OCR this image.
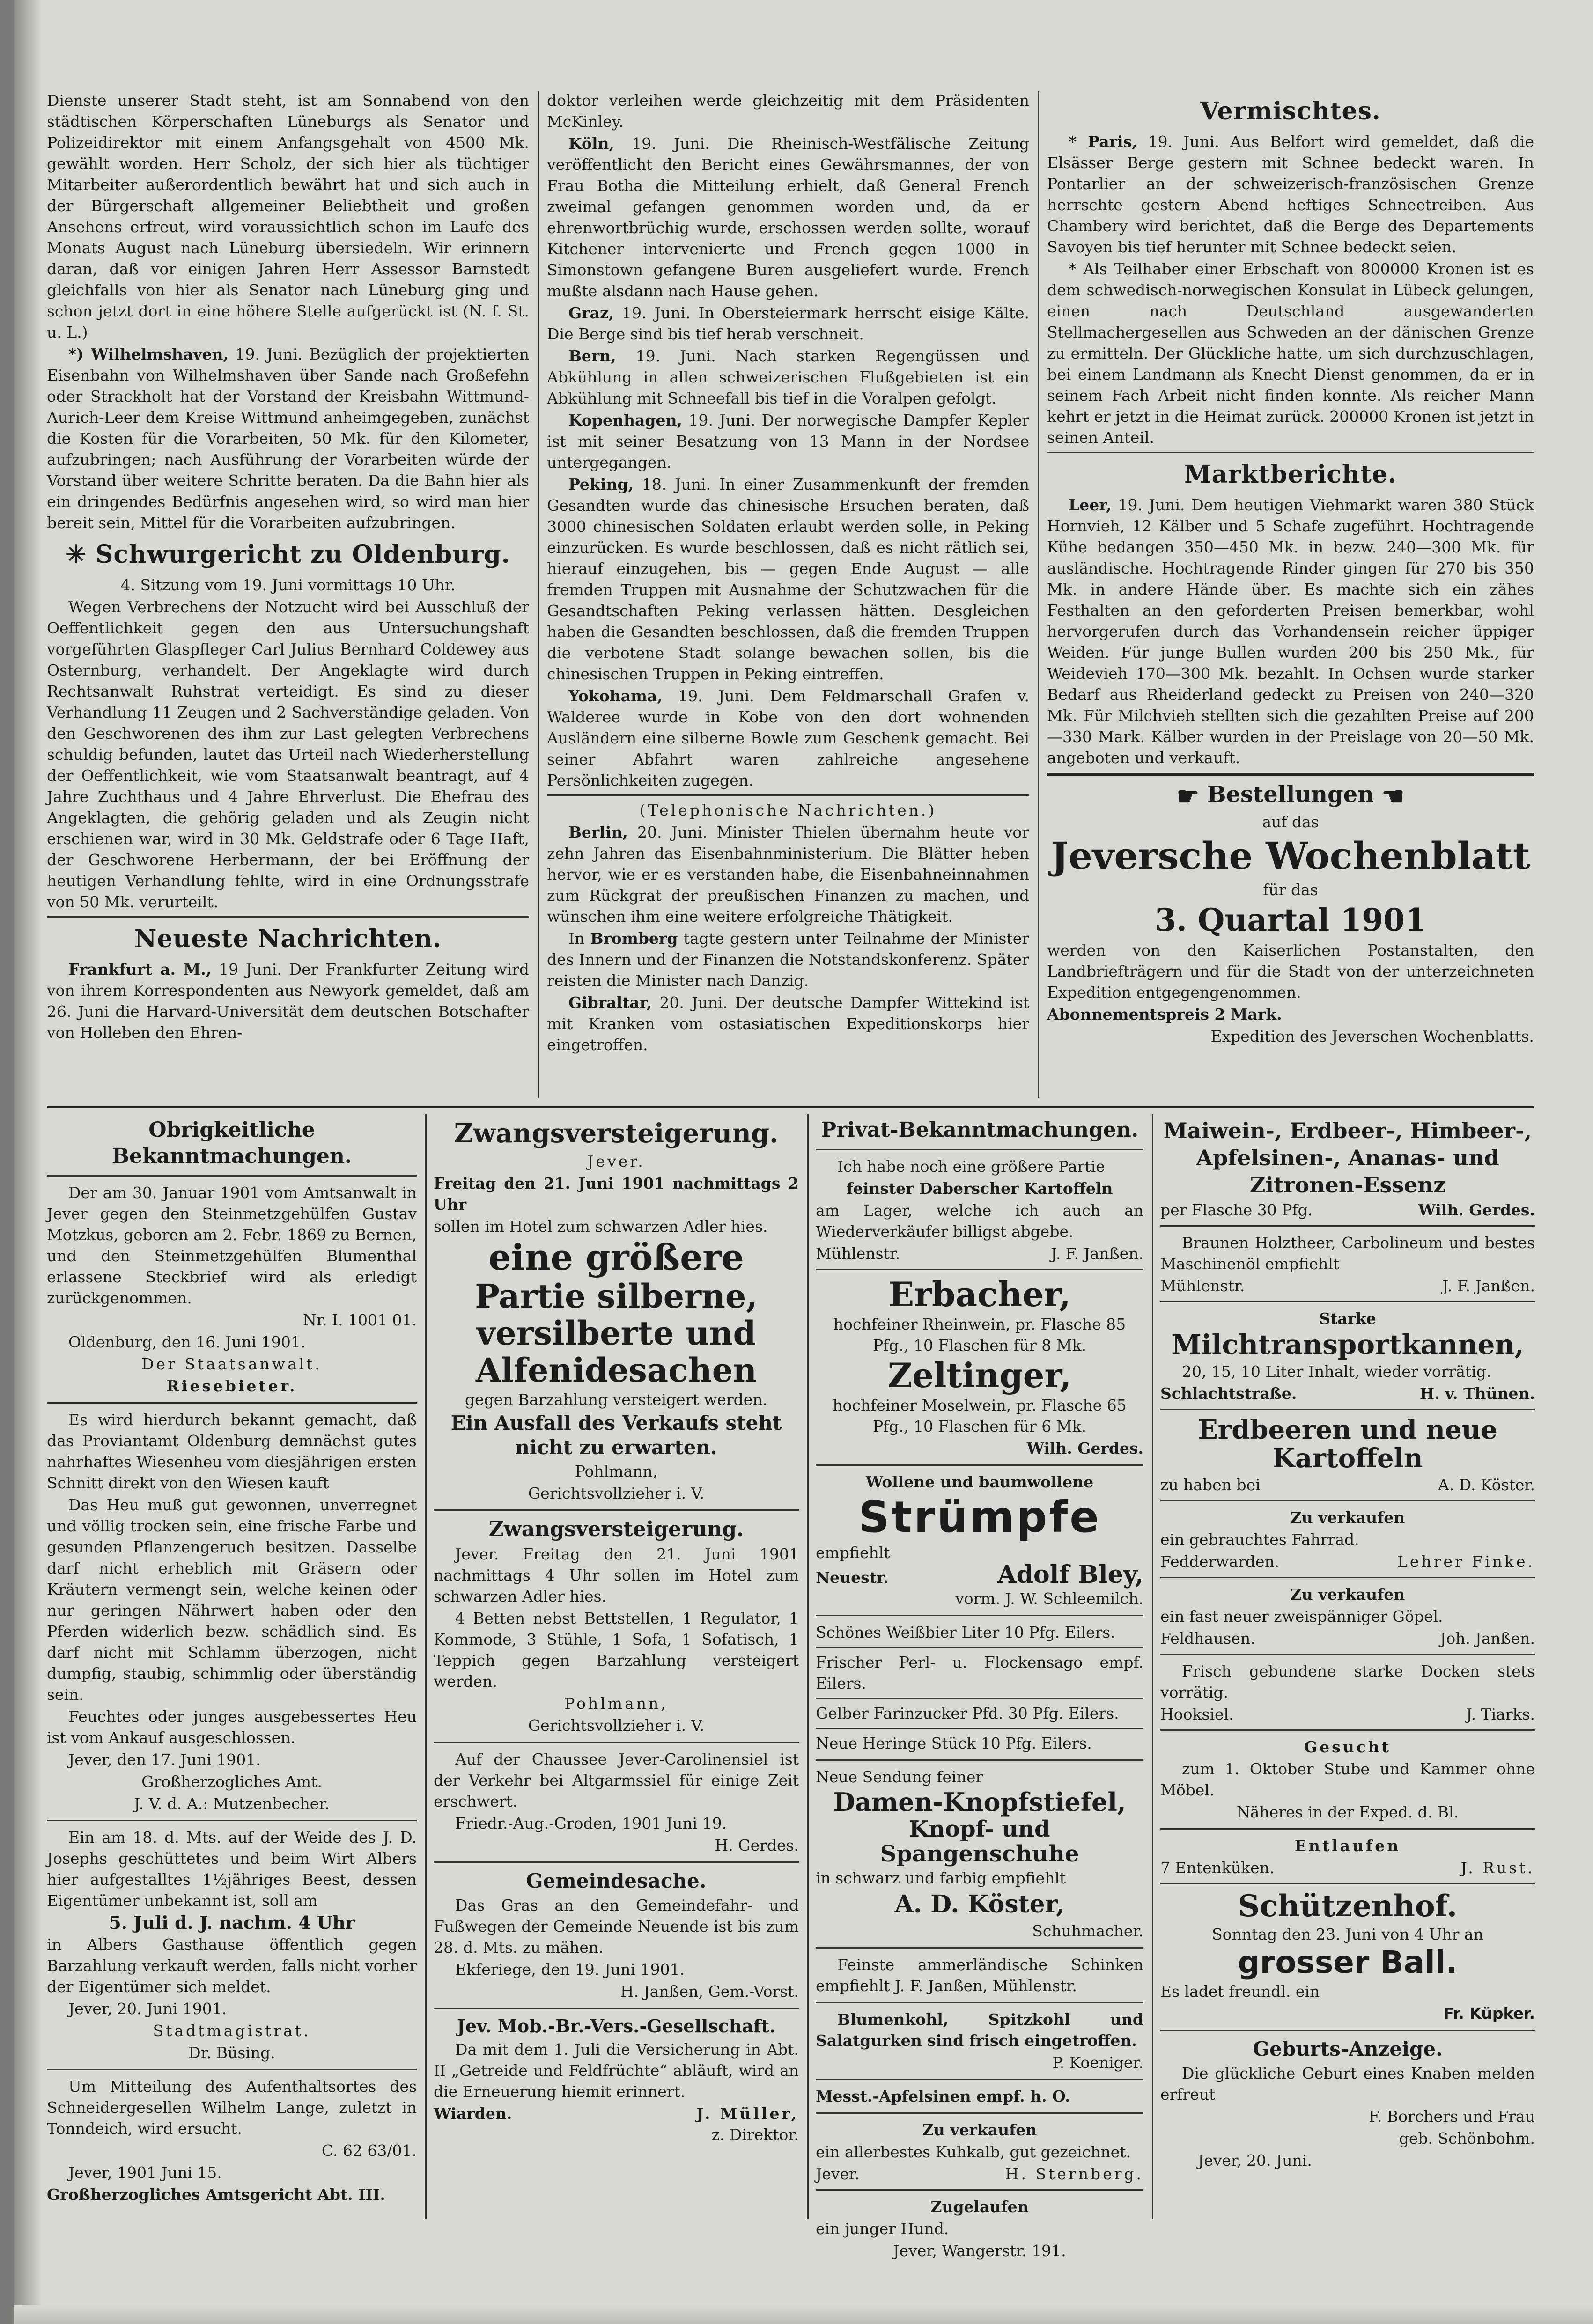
Dienste unserer Stadt steht, ist am Sonnabend von den städtischen Körperschaften Lüneburgs als Senator und Polizeidirektor mit einem Anfangsgehalt von 4500 Mk. gewählt worden. Herr Scholz, der sich hier als tüchtiger Mitarbeiter außerordentlich bewährt hat und sich auch in der Bürgerschaft allgemeiner Beliebtheit und großen Ansehens erfreut, wird voraussichtlich schon im Laufe des Monats August nach Lüneburg übersiedeln. Wir erinnern daran, daß vor einigen Jahren Herr Assessor Barnstedt gleichfalls von hier als Senator nach Lüneburg ging und schon jetzt dort in eine höhere Stelle aufgerückt ist (N. f. St. u. L.)

*) Wilhelmshaven, 19. Juni. Bezüglich der projektierten Eisenbahn von Wilhelmshaven über Sande nach Großefehn oder Strackholt hat der Vorstand der Kreisbahn Wittmund-Aurich-Leer dem Kreise Wittmund anheimgegeben, zunächst die Kosten für die Vorarbeiten, 50 Mk. für den Kilometer, aufzubringen; nach Ausführung der Vorarbeiten würde der Vorstand über weitere Schritte beraten. Da die Bahn hier als ein dringendes Bedürfnis angesehen wird, so wird man hier bereit sein, Mittel für die Vorarbeiten aufzubringen.

✳ Schwurgericht zu Oldenburg.

4. Sitzung vom 19. Juni vormittags 10 Uhr.

Wegen Verbrechens der Notzucht wird bei Ausschluß der Oeffentlichkeit gegen den aus Untersuchungshaft vorgeführten Glaspfleger Carl Julius Bernhard Coldewey aus Osternburg, verhandelt. Der Angeklagte wird durch Rechtsanwalt Ruhstrat verteidigt. Es sind zu dieser Verhandlung 11 Zeugen und 2 Sachverständige geladen. Von den Geschworenen des ihm zur Last gelegten Verbrechens schuldig befunden, lautet das Urteil nach Wiederherstellung der Oeffentlichkeit, wie vom Staatsanwalt beantragt, auf 4 Jahre Zuchthaus und 4 Jahre Ehrverlust. Die Ehefrau des Angeklagten, die gehörig geladen und als Zeugin nicht erschienen war, wird in 30 Mk. Geldstrafe oder 6 Tage Haft, der Geschworene Herbermann, der bei Eröffnung der heutigen Verhandlung fehlte, wird in eine Ordnungsstrafe von 50 Mk. verurteilt.

Neueste Nachrichten.

Frankfurt a. M., 19 Juni. Der Frankfurter Zeitung wird von ihrem Korrespondenten aus Newyork gemeldet, daß am 26. Juni die Harvard-Universität dem deutschen Botschafter von Holleben den Ehren-

doktor verleihen werde gleichzeitig mit dem Präsidenten McKinley.

Köln, 19. Juni. Die Rheinisch-Westfälische Zeitung veröffentlicht den Bericht eines Gewährsmannes, der von Frau Botha die Mitteilung erhielt, daß General French zweimal gefangen genommen worden und, da er ehrenwortbrüchig wurde, erschossen werden sollte, worauf Kitchener intervenierte und French gegen 1000 in Simonstown gefangene Buren ausgeliefert wurde. French mußte alsdann nach Hause gehen.

Graz, 19. Juni. In Obersteiermark herrscht eisige Kälte. Die Berge sind bis tief herab verschneit.

Bern, 19. Juni. Nach starken Regengüssen und Abkühlung in allen schweizerischen Flußgebieten ist ein Abkühlung mit Schneefall bis tief in die Voralpen gefolgt.

Kopenhagen, 19. Juni. Der norwegische Dampfer Kepler ist mit seiner Besatzung von 13 Mann in der Nordsee untergegangen.

Peking, 18. Juni. In einer Zusammenkunft der fremden Gesandten wurde das chinesische Ersuchen beraten, daß 3000 chinesischen Soldaten erlaubt werden solle, in Peking einzurücken. Es wurde beschlossen, daß es nicht rätlich sei, hierauf einzugehen, bis — gegen Ende August — alle fremden Truppen mit Ausnahme der Schutzwachen für die Gesandtschaften Peking verlassen hätten. Desgleichen haben die Gesandten beschlossen, daß die fremden Truppen die verbotene Stadt solange bewachen sollen, bis die chinesischen Truppen in Peking eintreffen.

Yokohama, 19. Juni. Dem Feldmarschall Grafen v. Walderee wurde in Kobe von den dort wohnenden Ausländern eine silberne Bowle zum Geschenk gemacht. Bei seiner Abfahrt waren zahlreiche angesehene Persönlichkeiten zugegen.

(Telephonische Nachrichten.)

Berlin, 20. Juni. Minister Thielen übernahm heute vor zehn Jahren das Eisenbahnministerium. Die Blätter heben hervor, wie er es verstanden habe, die Eisenbahneinnahmen zum Rückgrat der preußischen Finanzen zu machen, und wünschen ihm eine weitere erfolgreiche Thätigkeit.

In Bromberg tagte gestern unter Teilnahme der Minister des Innern und der Finanzen die Notstandskonferenz. Später reisten die Minister nach Danzig.

Gibraltar, 20. Juni. Der deutsche Dampfer Wittekind ist mit Kranken vom ostasiatischen Expeditionskorps hier eingetroffen.

Vermischtes.

* Paris, 19. Juni. Aus Belfort wird gemeldet, daß die Elsässer Berge gestern mit Schnee bedeckt waren. In Pontarlier an der schweizerisch-französischen Grenze herrschte gestern Abend heftiges Schneetreiben. Aus Chambery wird berichtet, daß die Berge des Departements Savoyen bis tief herunter mit Schnee bedeckt seien.

* Als Teilhaber einer Erbschaft von 800000 Kronen ist es dem schwedisch-norwegischen Konsulat in Lübeck gelungen, einen nach Deutschland ausgewanderten Stellmachergesellen aus Schweden an der dänischen Grenze zu ermitteln. Der Glückliche hatte, um sich durchzuschlagen, bei einem Landmann als Knecht Dienst genommen, da er in seinem Fach Arbeit nicht finden konnte. Als reicher Mann kehrt er jetzt in die Heimat zurück. 200000 Kronen ist jetzt in seinen Anteil.

Marktberichte.

Leer, 19. Juni. Dem heutigen Viehmarkt waren 380 Stück Hornvieh, 12 Kälber und 5 Schafe zugeführt. Hochtragende Kühe bedangen 350—450 Mk. in bezw. 240—300 Mk. für ausländische. Hochtragende Rinder gingen für 270 bis 350 Mk. in andere Hände über. Es machte sich ein zähes Festhalten an den geforderten Preisen bemerkbar, wohl hervorgerufen durch das Vorhandensein reicher üppiger Weiden. Für junge Bullen wurden 200 bis 250 Mk., für Weidevieh 170—300 Mk. bezahlt. In Ochsen wurde starker Bedarf aus Rheiderland gedeckt zu Preisen von 240—320 Mk. Für Milchvieh stellten sich die gezahlten Preise auf 200—330 Mark. Kälber wurden in der Preislage von 20—50 Mk. angeboten und verkauft.

☛ Bestellungen ☚

auf das

Jeversche Wochenblatt

für das

3. Quartal 1901

werden von den Kaiserlichen Postanstalten, den Landbriefträgern und für die Stadt von der unterzeichneten Expedition entgegengenommen.

Abonnementspreis 2 Mark.

Expedition des Jeverschen Wochenblatts.

Obrigkeitliche Bekanntmachungen.

Der am 30. Januar 1901 vom Amtsanwalt in Jever gegen den Steinmetzgehülfen Gustav Motzkus, geboren am 2. Febr. 1869 zu Bernen, und den Steinmetzgehülfen Blumenthal erlassene Steckbrief wird als erledigt zurückgenommen.

Nr. I. 1001 01.

Oldenburg, den 16. Juni 1901.

Der Staatsanwalt.

Riesebieter.

Es wird hierdurch bekannt gemacht, daß das Proviantamt Oldenburg demnächst gutes nahrhaftes Wiesenheu vom diesjährigen ersten Schnitt direkt von den Wiesen kauft

Das Heu muß gut gewonnen, unverregnet und völlig trocken sein, eine frische Farbe und gesunden Pflanzengeruch besitzen. Dasselbe darf nicht erheblich mit Gräsern oder Kräutern vermengt sein, welche keinen oder nur geringen Nährwert haben oder den Pferden widerlich bezw. schädlich sind. Es darf nicht mit Schlamm überzogen, nicht dumpfig, staubig, schimmlig oder überständig sein.

Feuchtes oder junges ausgebessertes Heu ist vom Ankauf ausgeschlossen.

Jever, den 17. Juni 1901.

Großherzogliches Amt.

J. V. d. A.: Mutzenbecher.

Ein am 18. d. Mts. auf der Weide des J. D. Josephs geschüttetes und beim Wirt Albers hier aufgestalltes 1½jähriges Beest, dessen Eigentümer unbekannt ist, soll am

5. Juli d. J. nachm. 4 Uhr

in Albers Gasthause öffentlich gegen Barzahlung verkauft werden, falls nicht vorher der Eigentümer sich meldet.

Jever, 20. Juni 1901.

Stadtmagistrat.

Dr. Büsing.

Um Mitteilung des Aufenthaltsortes des Schneidergesellen Wilhelm Lange, zuletzt in Tonndeich, wird ersucht.

C. 62 63/01.

Jever, 1901 Juni 15.

Großherzogliches Amtsgericht Abt. III.

Zwangsversteigerung.

Jever.

Freitag den 21. Juni 1901 nachmittags 2 Uhr

sollen im Hotel zum schwarzen Adler hies.

eine größere

Partie silberne,

versilberte und

Alfenidesachen

gegen Barzahlung versteigert werden.

Ein Ausfall des Verkaufs steht nicht zu erwarten.

Pohlmann,

Gerichtsvollzieher i. V.

Zwangsversteigerung.

Jever. Freitag den 21. Juni 1901 nachmittags 4 Uhr sollen im Hotel zum schwarzen Adler hies.

4 Betten nebst Bettstellen, 1 Regulator, 1 Kommode, 3 Stühle, 1 Sofa, 1 Sofatisch, 1 Teppich gegen Barzahlung versteigert werden.

Pohlmann,

Gerichtsvollzieher i. V.

Auf der Chaussee Jever-Carolinensiel ist der Verkehr bei Altgarmssiel für einige Zeit erschwert.

Friedr.-Aug.-Groden, 1901 Juni 19.

H. Gerdes.

Gemeindesache.

Das Gras an den Gemeindefahr- und Fußwegen der Gemeinde Neuende ist bis zum 28. d. Mts. zu mähen.

Ekferiege, den 19. Juni 1901.

H. Janßen, Gem.-Vorst.

Jev. Mob.-Br.-Vers.-Gesellschaft.

Da mit dem 1. Juli die Versicherung in Abt. II „Getreide und Feldfrüchte“ abläuft, wird an die Erneuerung hiemit erinnert.

Wiarden.	J. Müller,

z. Direktor.

Privat-Bekanntmachungen.

Ich habe noch eine größere Partie

feinster Daberscher Kartoffeln

am Lager, welche ich auch an Wiederverkäufer billigst abgebe.

Mühlenstr.	J. F. Janßen.

Erbacher,

hochfeiner Rheinwein, pr. Flasche 85 Pfg., 10 Flaschen für 8 Mk.

Zeltinger,

hochfeiner Moselwein, pr. Flasche 65 Pfg., 10 Flaschen für 6 Mk.

Wilh. Gerdes.

Wollene und baumwollene

Strümpfe

empfiehlt

Neuestr.	Adolf Bley,

vorm. J. W. Schleemilch.

Schönes Weißbier Liter 10 Pfg. Eilers.

Frischer Perl- u. Flockensago empf. Eilers.

Gelber Farinzucker Pfd. 30 Pfg. Eilers.

Neue Heringe Stück 10 Pfg. Eilers.

Neue Sendung feiner

Damen-Knopfstiefel,

Knopf- und Spangenschuhe

in schwarz und farbig empfiehlt

A. D. Köster,

Schuhmacher.

Feinste ammerländische Schinken empfiehlt J. F. Janßen, Mühlenstr.

Blumenkohl, Spitzkohl und Salatgurken sind frisch eingetroffen.

P. Koeniger.

Messt.-Apfelsinen empf. h. O.

Zu verkaufen

ein allerbestes Kuhkalb, gut gezeichnet.

Jever.	H. Sternberg.

Zugelaufen

ein junger Hund.

Jever, Wangerstr. 191.

Maiwein-, Erdbeer-, Himbeer-, Apfelsinen-, Ananas- und Zitronen-Essenz

per Flasche 30 Pfg.	Wilh. Gerdes.

Braunen Holztheer, Carbolineum und bestes Maschinenöl empfiehlt

Mühlenstr.	J. F. Janßen.

Starke

Milchtransportkannen,

20, 15, 10 Liter Inhalt, wieder vorrätig.

Schlachtstraße.	H. v. Thünen.

Erdbeeren und neue Kartoffeln

zu haben bei	A. D. Köster.

Zu verkaufen

ein gebrauchtes Fahrrad.

Fedderwarden.	Lehrer Finke.

Zu verkaufen

ein fast neuer zweispänniger Göpel.

Feldhausen.	Joh. Janßen.

Frisch gebundene starke Docken stets vorrätig.

Hooksiel.	J. Tiarks.

Gesucht

zum 1. Oktober Stube und Kammer ohne Möbel.

Näheres in der Exped. d. Bl.

Entlaufen

7 Entenküken.	J. Rust.

Schützenhof.

Sonntag den 23. Juni von 4 Uhr an

grosser Ball.

Es ladet freundl. ein

Fr. Küpker.

Geburts-Anzeige.

Die glückliche Geburt eines Knaben melden erfreut

F. Borchers und Frau

geb. Schönbohm.

Jever, 20. Juni.
